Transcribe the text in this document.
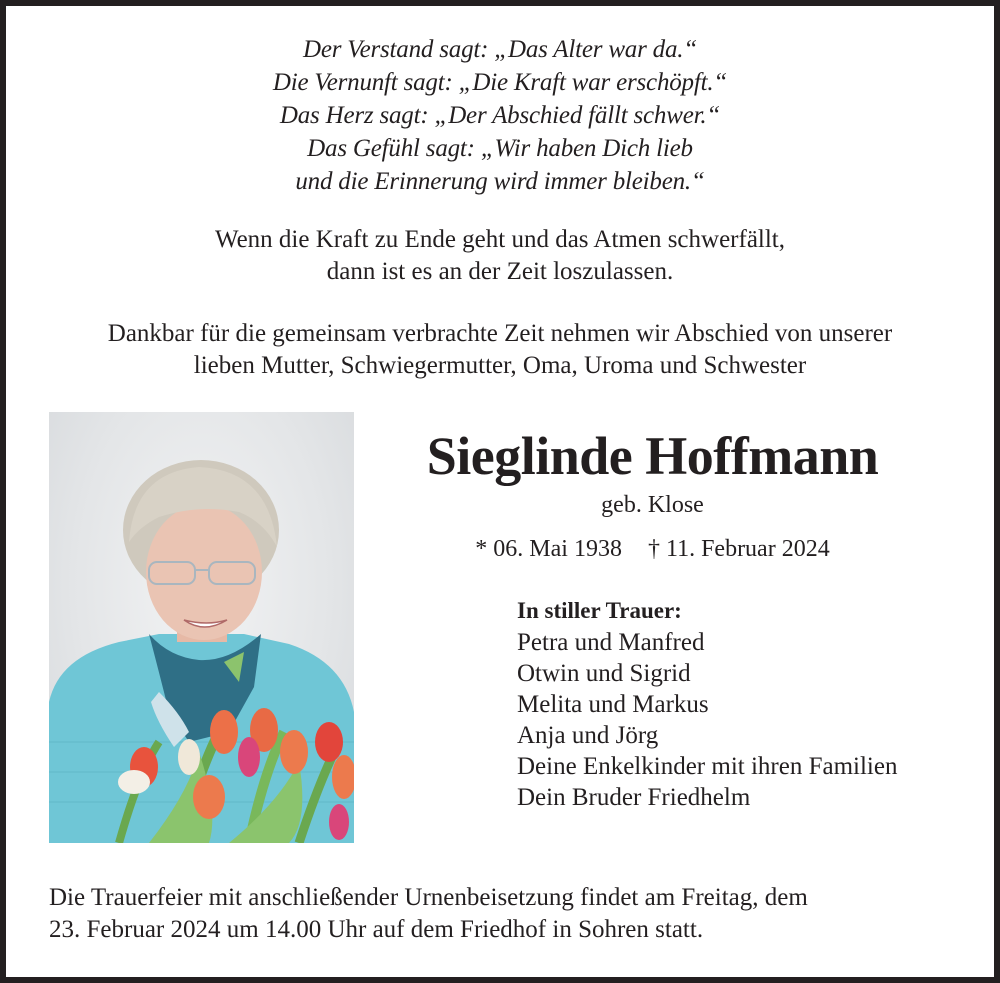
Der Verstand sagt: „Das Alter war da.“
Die Vernunft sagt: „Die Kraft war erschöpft.“
Das Herz sagt: „Der Abschied fällt schwer.“
Das Gefühl sagt: „Wir haben Dich lieb
und die Erinnerung wird immer bleiben.“
Wenn die Kraft zu Ende geht und das Atmen schwerfällt,
dann ist es an der Zeit loszulassen.
Dankbar für die gemeinsam verbrachte Zeit nehmen wir Abschied von unserer
lieben Mutter, Schwiegermutter, Oma, Uroma und Schwester
Sieglinde Hoffmann
geb. Klose
* 06. Mai 1938 † 11. Februar 2024
In stiller Trauer:
Petra und Manfred
Otwin und Sigrid
Melita und Markus
Anja und Jörg
Deine Enkelkinder mit ihren Familien
Dein Bruder Friedhelm
Die Trauerfeier mit anschließender Urnenbeisetzung findet am Freitag, dem
23. Februar 2024 um 14.00 Uhr auf dem Friedhof in Sohren statt.
